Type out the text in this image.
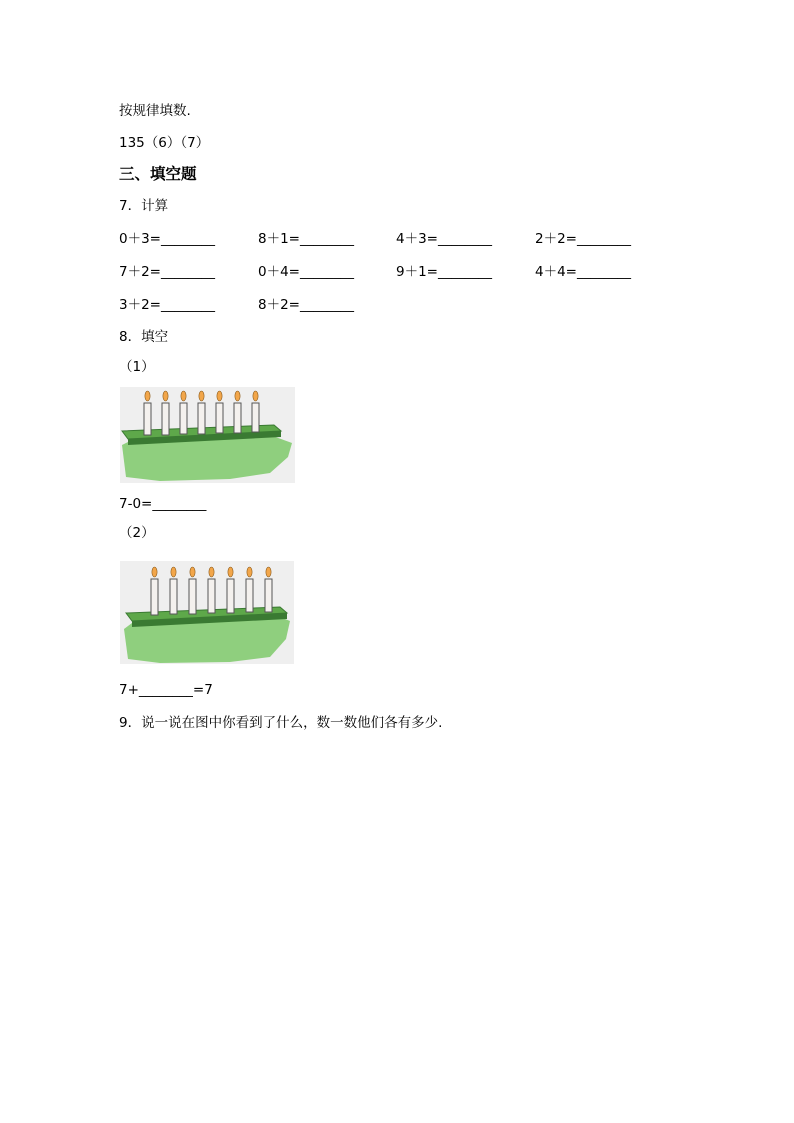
按规律填数.
135（6）（7）
三、填空题
7．计算
0＋3=________	8＋1=________	4＋3=________	2＋2=________
7＋2=________	0＋4=________	9＋1=________	4＋4=________
3＋2=________	8＋2=________
8．填空
（1）
7-0=________
（2）
7+________=7
9．说一说在图中你看到了什么，数一数他们各有多少.
